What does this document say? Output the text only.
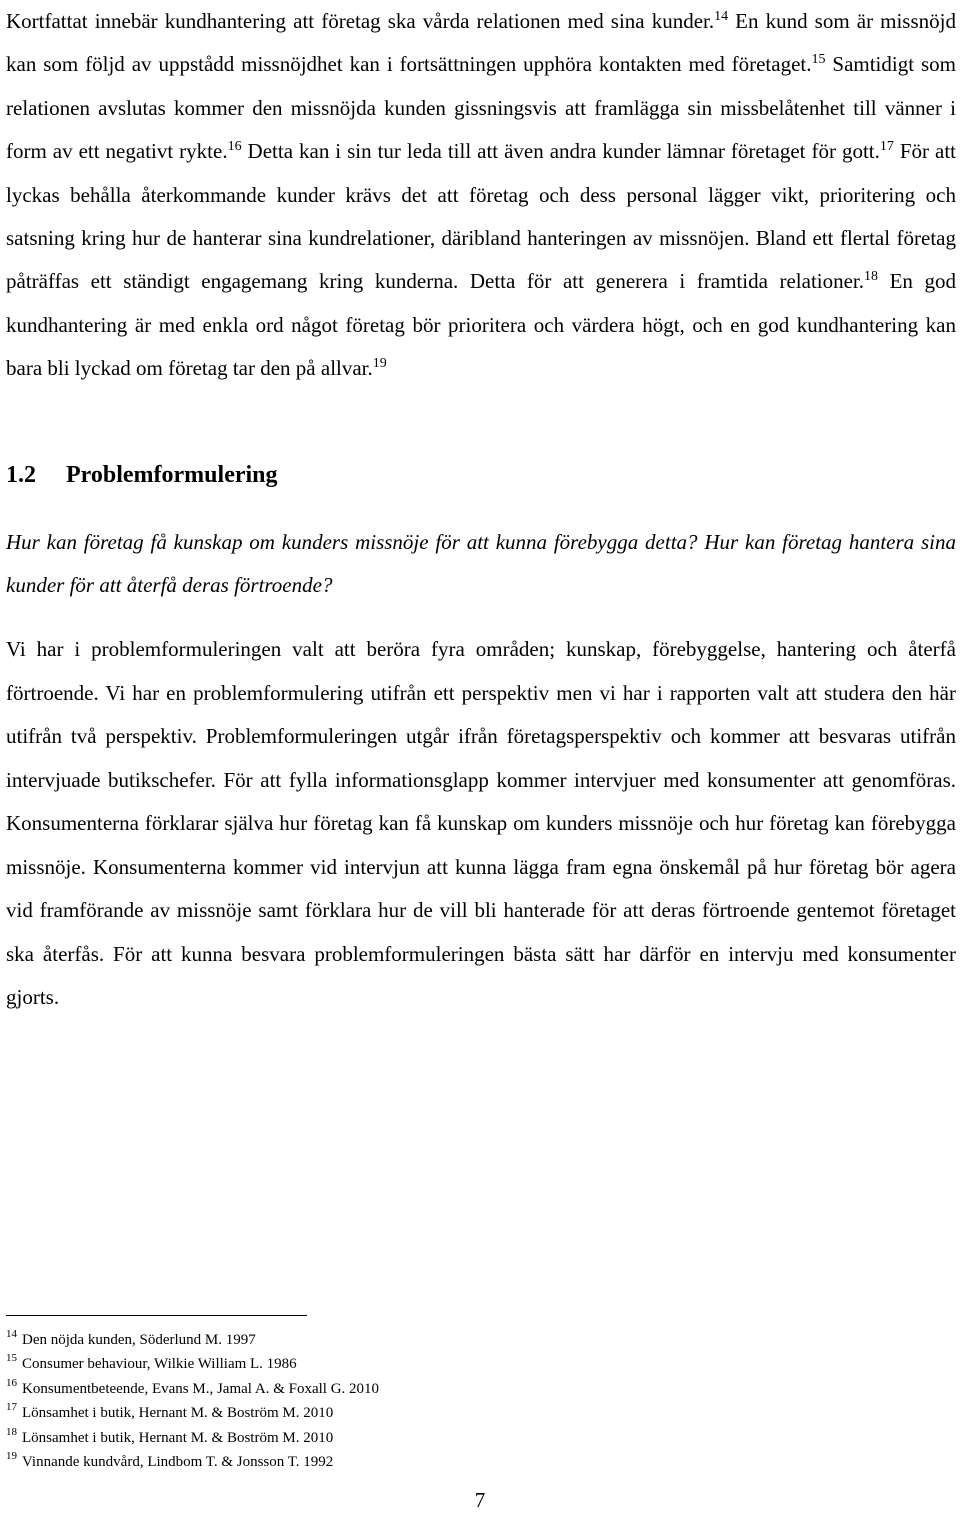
Kortfattat innebär kundhantering att företag ska vårda relationen med sina kunder.$^{14}$ En kund som är missnöjd kan som följd av uppstådd missnöjdhet kan i fortsättningen upphöra kontakten med företaget.$^{15}$ Samtidigt som relationen avslutas kommer den missnöjda kunden gissningsvis att framlägga sin missbelåtenhet till vänner i form av ett negativt rykte.$^{16}$ Detta kan i sin tur leda till att även andra kunder lämnar företaget för gott.$^{17}$ För att lyckas behålla återkommande kunder krävs det att företag och dess personal lägger vikt, prioritering och satsning kring hur de hanterar sina kundrelationer, däribland hanteringen av missnöjen. Bland ett flertal företag påträffas ett ständigt engagemang kring kunderna. Detta för att generera i framtida relationer.$^{18}$ En god kundhantering är med enkla ord något företag bör prioritera och värdera högt, och en god kundhantering kan bara bli lyckad om företag tar den på allvar.$^{19}$

1.2 Problemformulering

Hur kan företag få kunskap om kunders missnöje för att kunna förebygga detta? Hur kan företag hantera sina kunder för att återfå deras förtroende?

Vi har i problemformuleringen valt att beröra fyra områden; kunskap, förebyggelse, hantering och återfå förtroende. Vi har en problemformulering utifrån ett perspektiv men vi har i rapporten valt att studera den här utifrån två perspektiv. Problemformuleringen utgår ifrån företagsperspektiv och kommer att besvaras utifrån intervjuade butikschefer. För att fylla informationsglapp kommer intervjuer med konsumenter att genomföras. Konsumenterna förklarar själva hur företag kan få kunskap om kunders missnöje och hur företag kan förebygga missnöje. Konsumenterna kommer vid intervjun att kunna lägga fram egna önskemål på hur företag bör agera vid framförande av missnöje samt förklara hur de vill bli hanterade för att deras förtroende gentemot företaget ska återfås. För att kunna besvara problemformuleringen bästa sätt har därför en intervju med konsumenter gjorts.

$^{14}$ Den nöjda kunden, Söderlund M. 1997
$^{15}$ Consumer behaviour, Wilkie William L. 1986
$^{16}$ Konsumentbeteende, Evans M., Jamal A. & Foxall G. 2010
$^{17}$ Lönsamhet i butik, Hernant M. & Boström M. 2010
$^{18}$ Lönsamhet i butik, Hernant M. & Boström M. 2010
$^{19}$ Vinnande kundvård, Lindbom T. & Jonsson T. 1992
7
